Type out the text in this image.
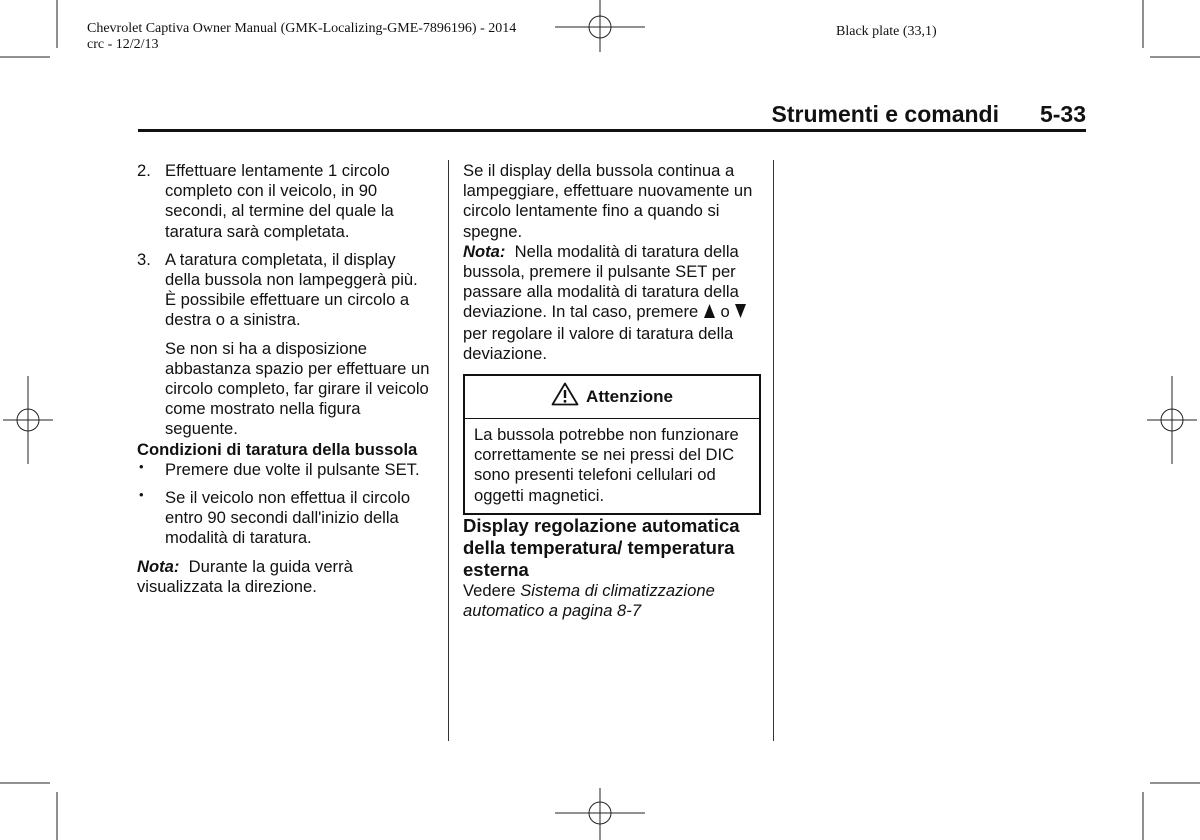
Chevrolet Captiva Owner Manual (GMK-Localizing-GME-7896196) - 2014
crc - 12/2/13
Black plate (33,1)
Strumenti e comandi 5-33
2. Effettuare lentamente 1 circolo completo con il veicolo, in 90 secondi, al termine del quale la taratura sarà completata.

3. A taratura completata, il display della bussola non lampeggerà più. È possibile effettuare un circolo a destra o a sinistra.

Se non si ha a disposizione abbastanza spazio per effettuare un circolo completo, far girare il veicolo come mostrato nella figura seguente.

Condizioni di taratura della bussola

• Premere due volte il pulsante SET.

• Se il veicolo non effettua il circolo entro 90 secondi dall'inizio della modalità di taratura.

Nota: Durante la guida verrà visualizzata la direzione.

Se il display della bussola continua a lampeggiare, effettuare nuovamente un circolo lentamente fino a quando si spegne.

Nota: Nella modalità di taratura della bussola, premere il pulsante SET per passare alla modalità di taratura della deviazione. In tal caso, premere o  per regolare il valore di taratura della deviazione.

Attenzione

La bussola potrebbe non funzionare correttamente se nei pressi del DIC sono presenti telefoni cellulari od oggetti magnetici.

Display regolazione automatica della temperatura/ temperatura esterna

Vedere Sistema di climatizzazione automatico a pagina 8-7
